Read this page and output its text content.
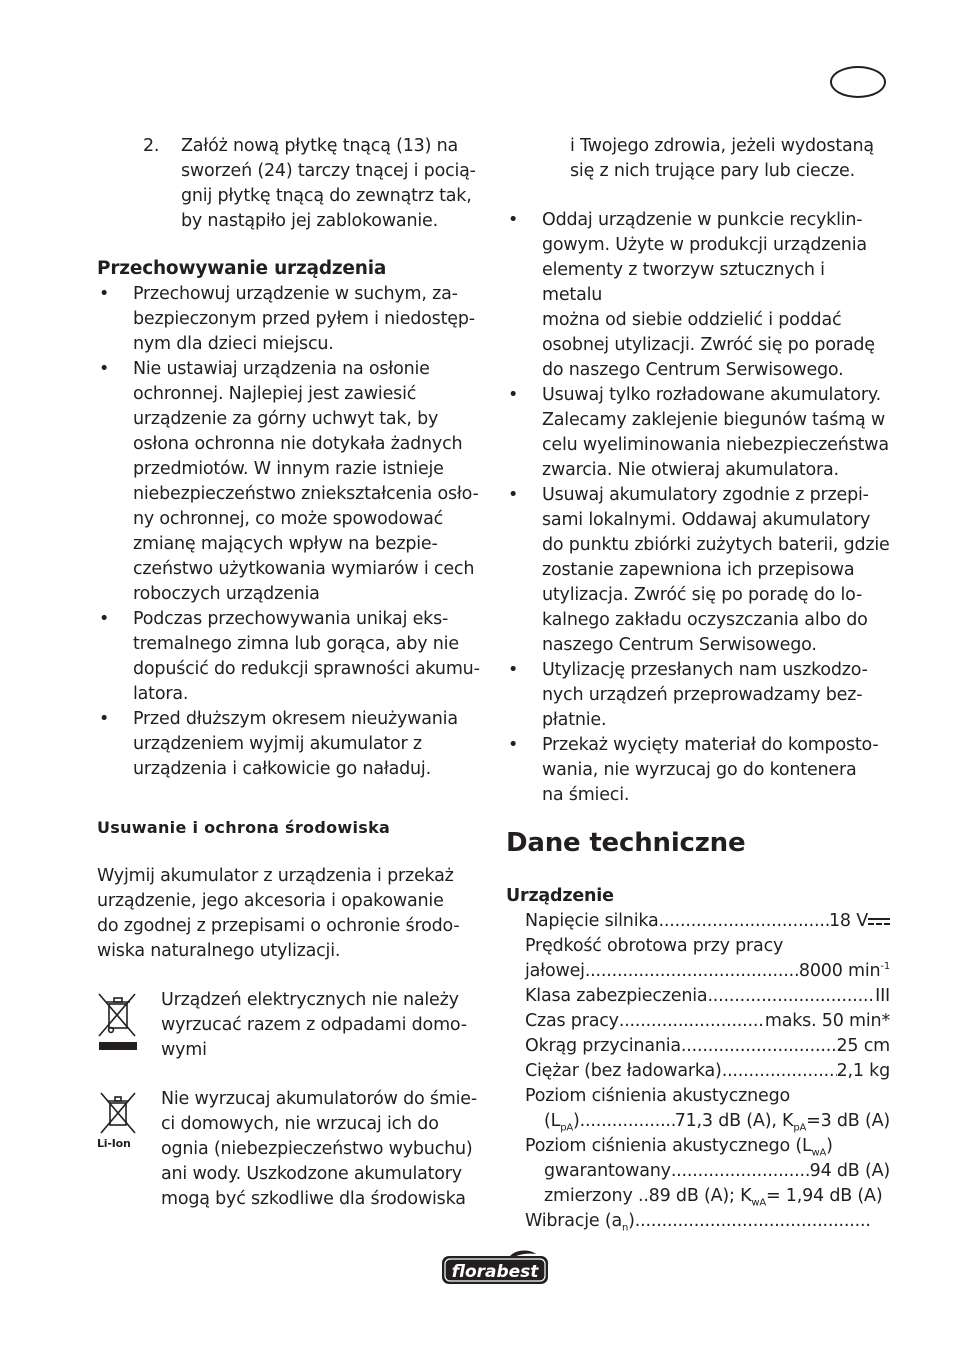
2. Załóż nową płytkę tnącą (13) na
sworzeń (24) tarczy tnącej i pocią-
gnij płytkę tnącą do zewnątrz tak,
by nastąpiło jej zablokowanie.
Przechowywanie urządzenia
• Przechowuj urządzenie w suchym, za-
bezpieczonym przed pyłem i niedostęp-
nym dla dzieci miejscu.
• Nie ustawiaj urządzenia na osłonie
ochronnej. Najlepiej jest zawiesić
urządzenie za górny uchwyt tak, by
osłona ochronna nie dotykała żadnych
przedmiotów. W innym razie istnieje
niebezpieczeństwo zniekształcenia osło-
ny ochronnej, co może spowodować
zmianę mających wpływ na bezpie-
czeństwo użytkowania wymiarów i cech
roboczych urządzenia
• Podczas przechowywania unikaj eks-
tremalnego zimna lub gorąca, aby nie
dopuścić do redukcji sprawności akumu-
latora.
• Przed dłuższym okresem nieużywania
urządzeniem wyjmij akumulator z
urządzenia i całkowicie go naładuj.
Usuwanie i ochrona środowiska
Wyjmij akumulator z urządzenia i przekaż
urządzenie, jego akcesoria i opakowanie
do zgodnej z przepisami o ochronie środo-
wiska naturalnego utylizacji.
Urządzeń elektrycznych nie należy
wyrzucać razem z odpadami domo-
wymi
Li-Ion
Nie wyrzucaj akumulatorów do śmie-
ci domowych, nie wrzucaj ich do
ognia (niebezpieczeństwo wybuchu)
ani wody. Uszkodzone akumulatory
mogą być szkodliwe dla środowiska
i Twojego zdrowia, jeżeli wydostaną
się z nich trujące pary lub ciecze.
• Oddaj urządzenie w punkcie recyklin-
gowym. Użyte w produkcji urządzenia
elementy z tworzyw sztucznych i metalu
można od siebie oddzielić i poddać
osobnej utylizacji. Zwróć się po poradę
do naszego Centrum Serwisowego.
• Usuwaj tylko rozładowane akumulatory.
Zalecamy zaklejenie biegunów taśmą w
celu wyeliminowania niebezpieczeństwa
zwarcia. Nie otwieraj akumulatora.
• Usuwaj akumulatory zgodnie z przepi-
sami lokalnymi. Oddawaj akumulatory
do punktu zbiórki zużytych baterii, gdzie
zostanie zapewniona ich przepisowa
utylizacja. Zwróć się po poradę do lo-
kalnego zakładu oczyszczania albo do
naszego Centrum Serwisowego.
• Utylizację przesłanych nam uszkodzo-
nych urządzeń przeprowadzamy bez-
płatnie.
• Przekaż wycięty materiał do komposto-
wania, nie wyrzucaj go do kontenera
na śmieci.
Dane techniczne
Urządzenie
Napięcie silnika .....	18 V
Prędkość obrotowa przy pracy
jałowej .....	8000 $\min^{-1}$
Klasa zabezpieczenia .....	III
Czas pracy .....	maks. 50 min*
Okrąg przycinania .....	25 cm
Ciężar (bez ładowarka) .....	2,1 kg
Poziom ciśnienia akustycznego
$(L_{pA})$ .....	71,3 dB (A), $K_{pA}=3$ dB (A)
Poziom ciśnienia akustycznego $(L_{wA})$
gwarantowany .....	94 dB (A)
zmierzony ..89 dB (A); $K_{wA}= 1,94$ dB (A)
Wibracje $(a_n)$
.....
florabest
